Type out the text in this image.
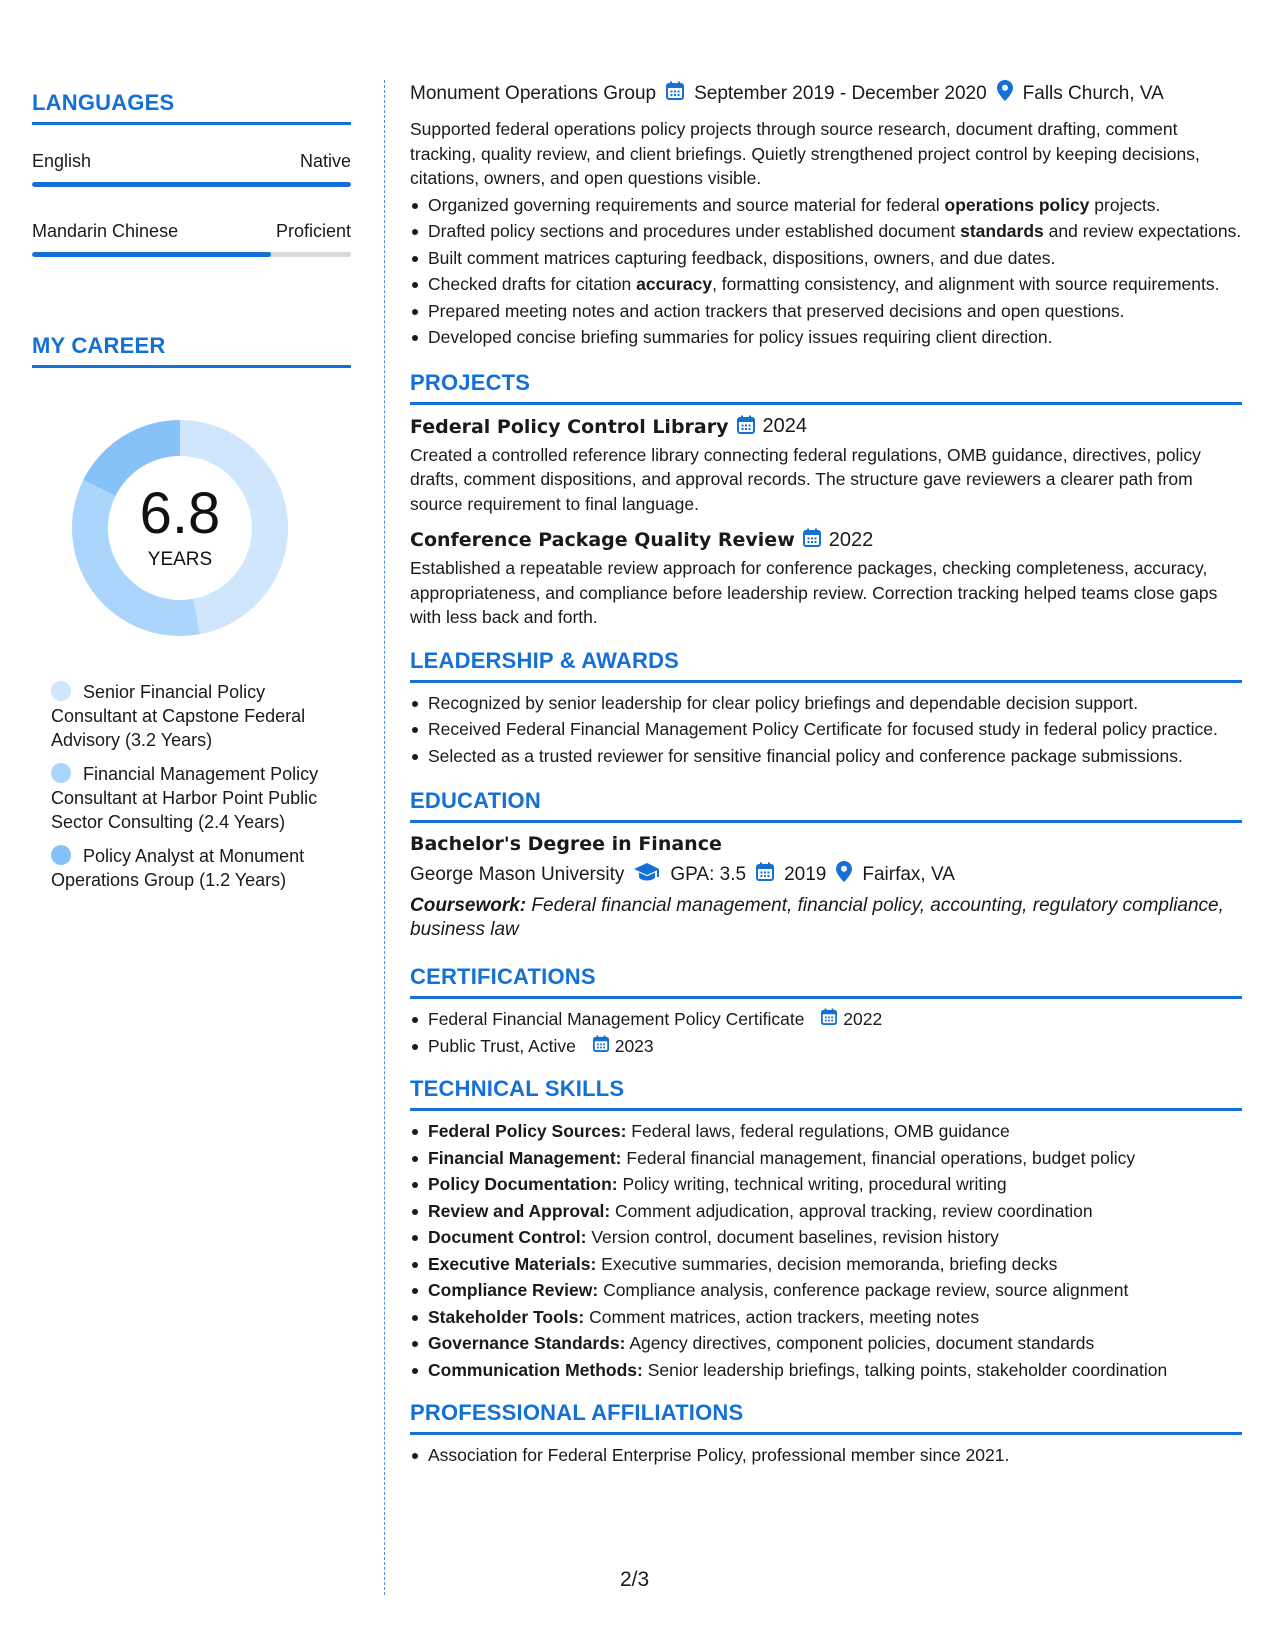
LANGUAGES
English	Native
Mandarin Chinese	Proficient
MY CAREER
6.8
YEARS
Senior Financial Policy Consultant at Capstone Federal Advisory (3.2 Years)
Financial Management Policy Consultant at Harbor Point Public Sector Consulting (2.4 Years)
Policy Analyst at Monument Operations Group (1.2 Years)
Monument Operations Group September 2019 - December 2020 Falls Church, VA

Supported federal operations policy projects through source research, document drafting, comment tracking, quality review, and client briefings. Quietly strengthened project control by keeping decisions, citations, owners, and open questions visible.

Organized governing requirements and source material for federal operations policy projects.
Drafted policy sections and procedures under established document standards and review expectations.
Built comment matrices capturing feedback, dispositions, owners, and due dates.
Checked drafts for citation accuracy, formatting consistency, and alignment with source requirements.
Prepared meeting notes and action trackers that preserved decisions and open questions.
Developed concise briefing summaries for policy issues requiring client direction.
PROJECTS
Federal Policy Control Library 2024

Created a controlled reference library connecting federal regulations, OMB guidance, directives, policy drafts, comment dispositions, and approval records. The structure gave reviewers a clearer path from source requirement to final language.

Conference Package Quality Review 2022

Established a repeatable review approach for conference packages, checking completeness, accuracy, appropriateness, and compliance before leadership review. Correction tracking helped teams close gaps with less back and forth.

LEADERSHIP & AWARDS
Recognized by senior leadership for clear policy briefings and dependable decision support.
Received Federal Financial Management Policy Certificate for focused study in federal policy practice.
Selected as a trusted reviewer for sensitive financial policy and conference package submissions.
EDUCATION
Bachelor's Degree in Finance
George Mason University GPA: 3.5 2019 Fairfax, VA

Coursework: Federal financial management, financial policy, accounting, regulatory compliance, business law

CERTIFICATIONS
Federal Financial Management Policy Certificate
2022
Public Trust, Active
2023
TECHNICAL SKILLS
Federal Policy Sources: Federal laws, federal regulations, OMB guidance
Financial Management: Federal financial management, financial operations, budget policy
Policy Documentation: Policy writing, technical writing, procedural writing
Review and Approval: Comment adjudication, approval tracking, review coordination
Document Control: Version control, document baselines, revision history
Executive Materials: Executive summaries, decision memoranda, briefing decks
Compliance Review: Compliance analysis, conference package review, source alignment
Stakeholder Tools: Comment matrices, action trackers, meeting notes
Governance Standards: Agency directives, component policies, document standards
Communication Methods: Senior leadership briefings, talking points, stakeholder coordination
PROFESSIONAL AFFILIATIONS
Association for Federal Enterprise Policy, professional member since 2021.
2/3
